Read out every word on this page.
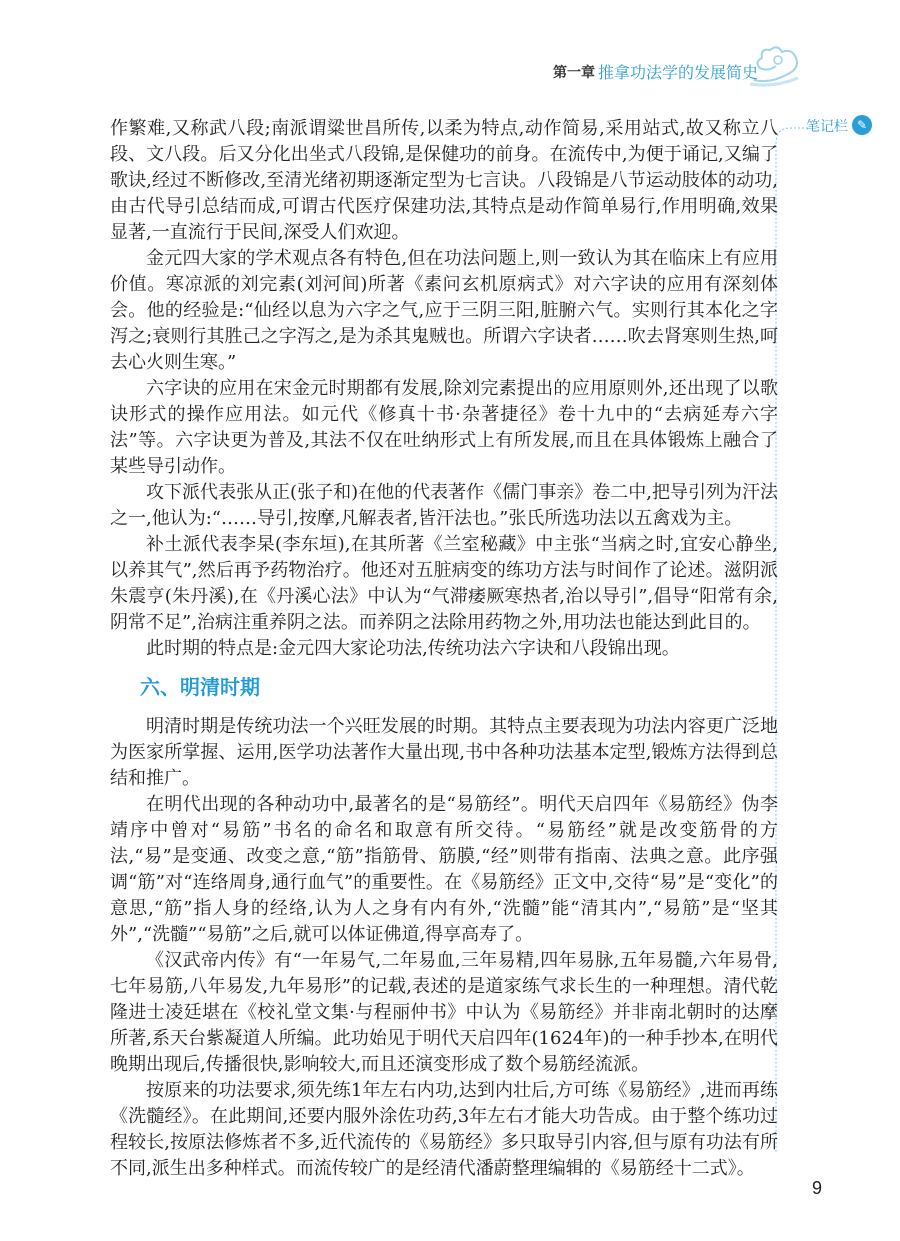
第一章 推拿功法学的发展简史
笔记栏 ✎

作繁难,又称武八段;南派谓粱世昌所传,以柔为特点,动作简易,采用站式,故又称立八段、文八段。后又分化出坐式八段锦,是保健功的前身。在流传中,为便于诵记,又编了歌诀,经过不断修改,至清光绪初期逐渐定型为七言诀。八段锦是八节运动肢体的动功,由古代导引总结而成,可谓古代医疗保建功法,其特点是动作简单易行,作用明确,效果显著,一直流行于民间,深受人们欢迎。

金元四大家的学术观点各有特色,但在功法问题上,则一致认为其在临床上有应用价值。寒凉派的刘完素(刘河间)所著《素问玄机原病式》对六字诀的应用有深刻体会。他的经验是:“仙经以息为六字之气,应于三阴三阳,脏腑六气。实则行其本化之字泻之;衰则行其胜己之字泻之,是为杀其鬼贼也。所谓六字诀者……吹去肾寒则生热,呵去心火则生寒。”

六字诀的应用在宋金元时期都有发展,除刘完素提出的应用原则外,还出现了以歌诀形式的操作应用法。如元代《修真十书·杂著捷径》卷十九中的“去病延寿六字法”等。六字诀更为普及,其法不仅在吐纳形式上有所发展,而且在具体锻炼上融合了某些导引动作。

攻下派代表张从正(张子和)在他的代表著作《儒门事亲》卷二中,把导引列为汗法之一,他认为:“……导引,按摩,凡解表者,皆汗法也。”张氏所选功法以五禽戏为主。

补土派代表李杲(李东垣),在其所著《兰室秘藏》中主张“当病之时,宜安心静坐,以养其气”,然后再予药物治疗。他还对五脏病变的练功方法与时间作了论述。滋阴派朱震亨(朱丹溪),在《丹溪心法》中认为“气滞痿厥寒热者,治以导引”,倡导“阳常有余,阴常不足”,治病注重养阴之法。而养阴之法除用药物之外,用功法也能达到此目的。

此时期的特点是:金元四大家论功法,传统功法六字诀和八段锦出现。

六、明清时期

明清时期是传统功法一个兴旺发展的时期。其特点主要表现为功法内容更广泛地为医家所掌握、运用,医学功法著作大量出现,书中各种功法基本定型,锻炼方法得到总结和推广。

在明代出现的各种动功中,最著名的是“易筋经”。明代天启四年《易筋经》伪李靖序中曾对“易筋”书名的命名和取意有所交待。“易筋经”就是改变筋骨的方法,“易”是变通、改变之意,“筋”指筋骨、筋膜,“经”则带有指南、法典之意。此序强调“筋”对“连络周身,通行血气”的重要性。在《易筋经》正文中,交待“易”是“变化”的意思,“筋”指人身的经络,认为人之身有内有外,“洗髓”能“清其内”,“易筋”是“坚其外”,“洗髓”“易筋”之后,就可以体证佛道,得享高寿了。

《汉武帝内传》有“一年易气,二年易血,三年易精,四年易脉,五年易髓,六年易骨,七年易筋,八年易发,九年易形”的记载,表述的是道家练气求长生的一种理想。清代乾隆进士凌廷堪在《校礼堂文集·与程丽仲书》中认为《易筋经》并非南北朝时的达摩所著,系天台紫凝道人所编。此功始见于明代天启四年(1624年)的一种手抄本,在明代晚期出现后,传播很快,影响较大,而且还演变形成了数个易筋经流派。

按原来的功法要求,须先练1年左右内功,达到内壮后,方可练《易筋经》,进而再练《洗髓经》。在此期间,还要内服外涂佐功药,3年左右才能大功告成。由于整个练功过程较长,按原法修炼者不多,近代流传的《易筋经》多只取导引内容,但与原有功法有所不同,派生出多种样式。而流传较广的是经清代潘蔚整理编辑的《易筋经十二式》。

9
